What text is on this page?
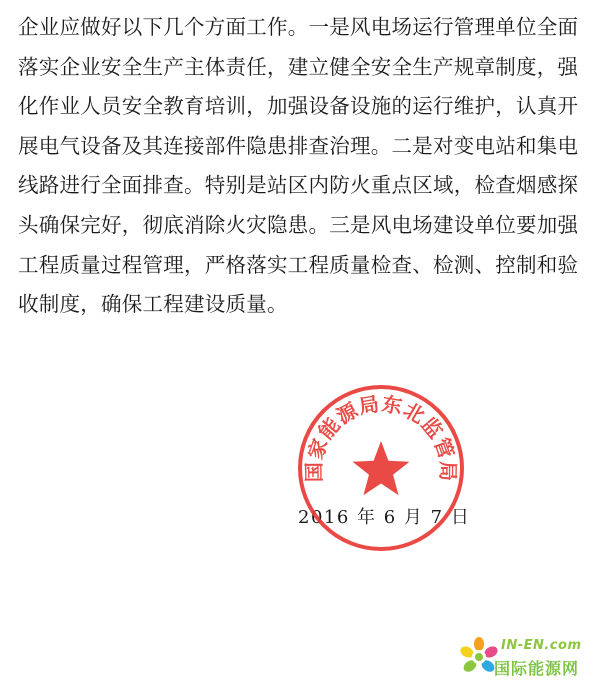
企业应做好以下几个方面工作。一是风电场运行管理单位全面
落实企业安全生产主体责任，建立健全安全生产规章制度，强
化作业人员安全教育培训，加强设备设施的运行维护，认真开
展电气设备及其连接部件隐患排查治理。二是对变电站和集电
线路进行全面排查。特别是站区内防火重点区域，检查烟感探
头确保完好，彻底消除火灾隐患。三是风电场建设单位要加强
工程质量过程管理，严格落实工程质量检查、检测、控制和验
收制度，确保工程建设质量。
2016 年 6 月 7 日
国家能源局东北监管局
IN-EN.com
国际能源网
